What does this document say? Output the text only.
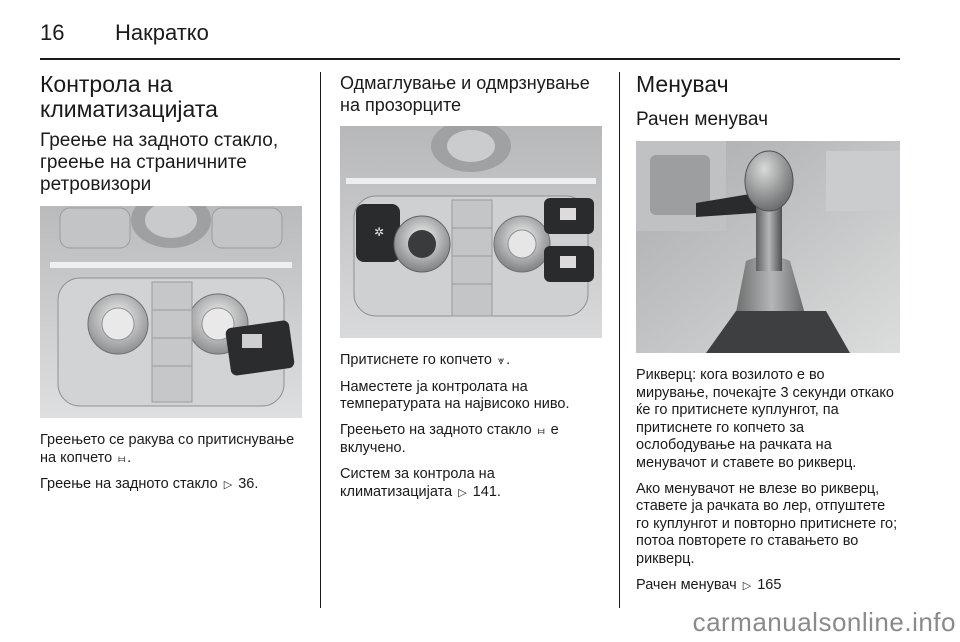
16 Накратко
Контрола на климатизацијата
Греење на задното стакло, греење на страничните ретровизори

Греењето се ракува со притиснување на копчето ⧦ .

Греење на задното стакло ▷ 36.

Одмаглување и одмрзнување на прозорците
✲

Притиснете го копчето ⩔ .

Наместете ја контролата на температурата на највисоко ниво.

Греењето на задното стакло ⧦ е вклучено.

Систем за контрола на климатизацијата ▷ 141.

Менувач
Рачен менувач

Рикверц: кога возилото е во мирување, почекајте 3 секунди откако ќе го притиснете куплунгот, па притиснете го копчето за ослободување на рачката на менувачот и ставете во рикверц.

Ако менувачот не влезе во рикверц, ставете ја рачката во лер, отпуштете го куплунгот и повторно притиснете го; потоа повторете го ставањето во рикверц.

Рачен менувач ▷ 165

carmanualsonline.info
